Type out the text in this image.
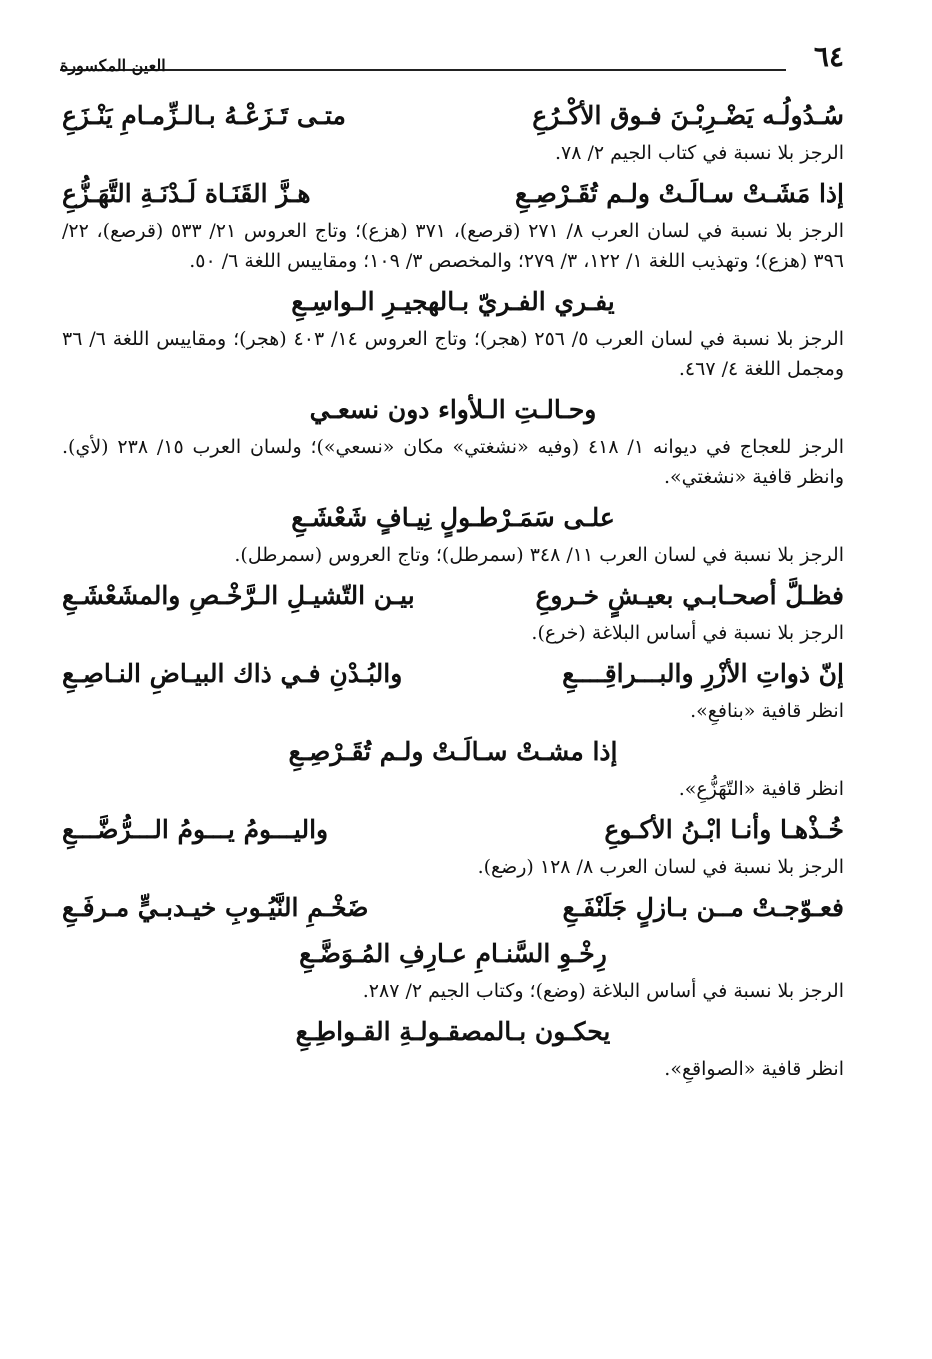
٦٤
العين المكسورة
سُـدُولُـه يَضْـرِبْـنَ فـوق الأكْـرُعِ
متـى تَـزَعْـهُ بـالـزِّمـامِ يَنْـزَعِ
الرجز بلا نسبة في كتاب الجيم ٢/ ٧٨.
إذا مَشَـتْ سـالَـتْ ولـم تُقَـرْصِـعِ
هـزَّ القَنَـاة لَـدْنَـةِ التَّهَـزُّعِ
الرجز بلا نسبة في لسان العرب ٨/ ٢٧١ (قرصع)، ٣٧١ (هزع)؛ وتاج العروس ٢١/ ٥٣٣ (قرصع)، ٢٢/ ٣٩٦ (هزع)؛ وتهذيب اللغة ١/ ١٢٢، ٣/ ٢٧٩؛ والمخصص ٣/ ١٠٩؛ ومقاييس اللغة ٦/ ٥٠.
يفـري الفـريّ بـالهجيـرِ الـواسِـعِ
الرجز بلا نسبة في لسان العرب ٥/ ٢٥٦ (هجر)؛ وتاج العروس ١٤/ ٤٠٣ (هجر)؛ ومقاييس اللغة ٦/ ٣٦ ومجمل اللغة ٤/ ٤٦٧.
وحـالـتِ الـلأواء دون نسعـي
الرجز للعجاج في ديوانه ١/ ٤١٨ (وفيه «نشغتي» مكان «نسعي»)؛ ولسان العرب ١٥/ ٢٣٨ (لأي). وانظر قافية «نشغتي».
علـى سَمَـرْطـولٍ نِيـافٍ شَعْشَـعِ
الرجز بلا نسبة في لسان العرب ١١/ ٣٤٨ (سمرطل)؛ وتاج العروس (سمرطل).
فظـلَّ أصحـابـي بعيـشٍ خـروعِ
بيـن التّشيـلِ الـرَّخْـصِ والمشَعْشَـعِ
الرجز بلا نسبة في أساس البلاغة (خرع).
إنّ ذواتِ الأزْرِ والبـــراقِــــعِ
والبُـدْنِ فـي ذاك البيـاضِ النـاصِـعِ
انظر قافية «بنافعِ».
إذا مشـتْ سـالَـتْ ولـم تُقَـرْصِـعِ
انظر قافية «التّهَزُّعِ».
خُـذْهـا وأنـا ابْـنُ الأكـوعِ
واليـــومُ يـــومُ الـــرُّضَّـــعِ
الرجز بلا نسبة في لسان العرب ٨/ ١٢٨ (رضع).
فعـوّجـتْ مــن بـازلٍ جَلَنْفَـعِ
ضَخْـمِ النَّيُـوبِ خيـدبـيٍّ مـرفَـعِ
رِخْـوِ السَّنـامِ عـارِفِ المُـوَضَّـعِ
الرجز بلا نسبة في أساس البلاغة (وضع)؛ وكتاب الجيم ٢/ ٢٨٧.
يحكـون بـالمصقـولـةِ القـواطِـعِ
انظر قافية «الصواقعِ».
